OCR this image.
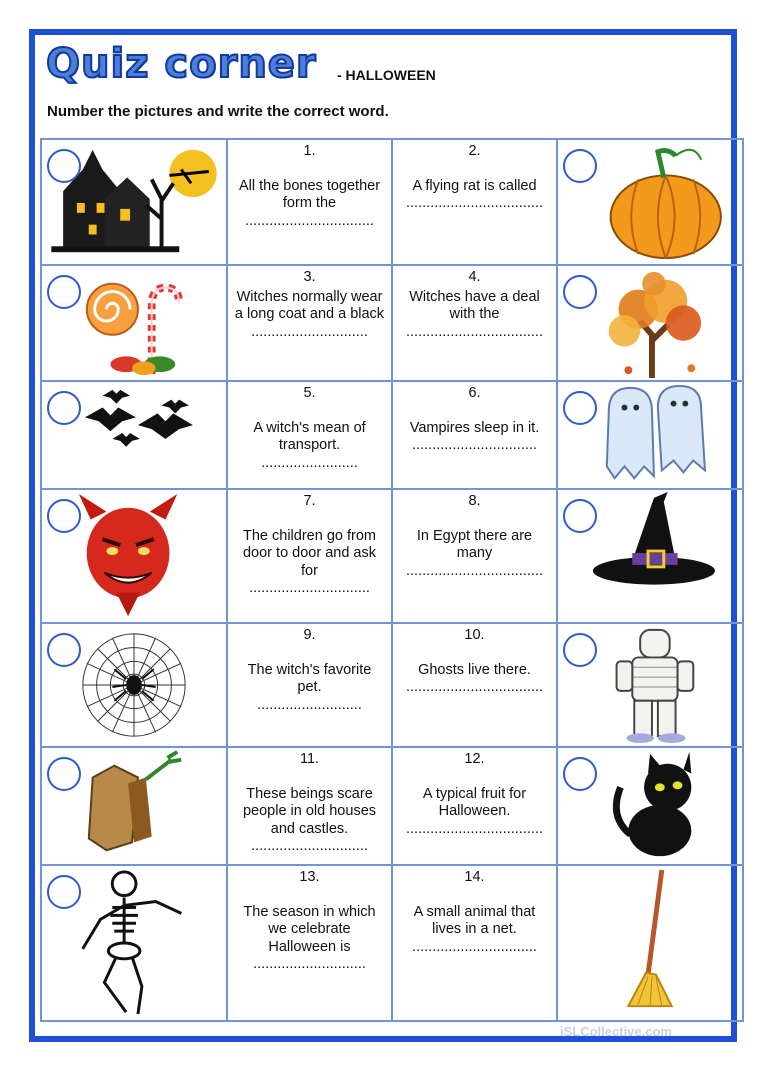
Quiz corner - HALLOWEEN
Number the pictures and write the correct word.

1.
All the bones together form the
................................	2.
A flying rat is called
..................................

3.
Witches normally wear a long coat and a black
.............................	4.
Witches have a deal with the
..................................

5.
A witch's mean of transport.
........................	6.
Vampires sleep in it.
...............................

7.
The children go from door to door and ask for
..............................	8.
In Egypt there are many
..................................

9.
The witch's favorite pet.
..........................	10.
Ghosts live there.
..................................

11.
These beings scare people in old houses and castles.
.............................	12.
A typical fruit for Halloween.
..................................

13.
The season in which we celebrate Halloween is
............................	14.
A small animal that lives in a net.
...............................

iSLCollective.com
